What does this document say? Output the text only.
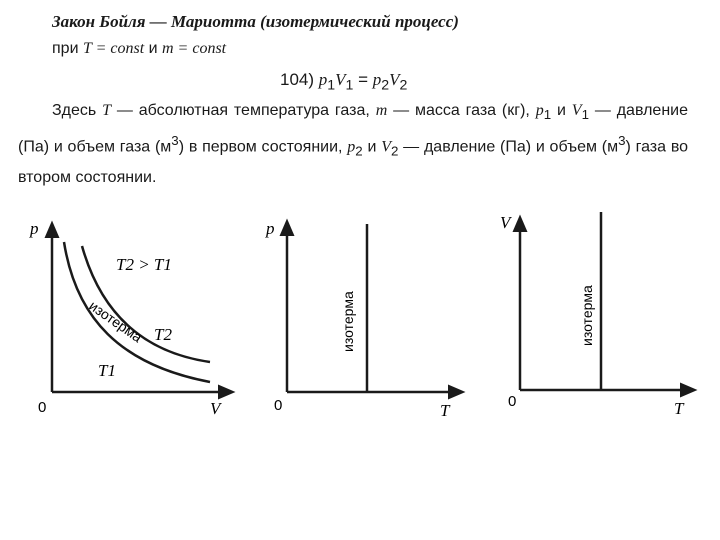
Закон Бойля — Мариотта (изотермический процесс)
при T = const и m = const
104) $p_1V_1 = p_2V_2$
Здесь T — абсолютная температура газа, m — масса газа (кг), $p_1$ и $V_1$ — давление (Па) и объем газа $(м^3)$ в первом состоянии, $p_2$ и $V_2$ — давление (Па) и объем $(м^3)$ газа во втором состоянии.
p
V
0
T2 > T1
изотерма T2
T1
p
T
0
изотерма
V
T
0
изотерма
